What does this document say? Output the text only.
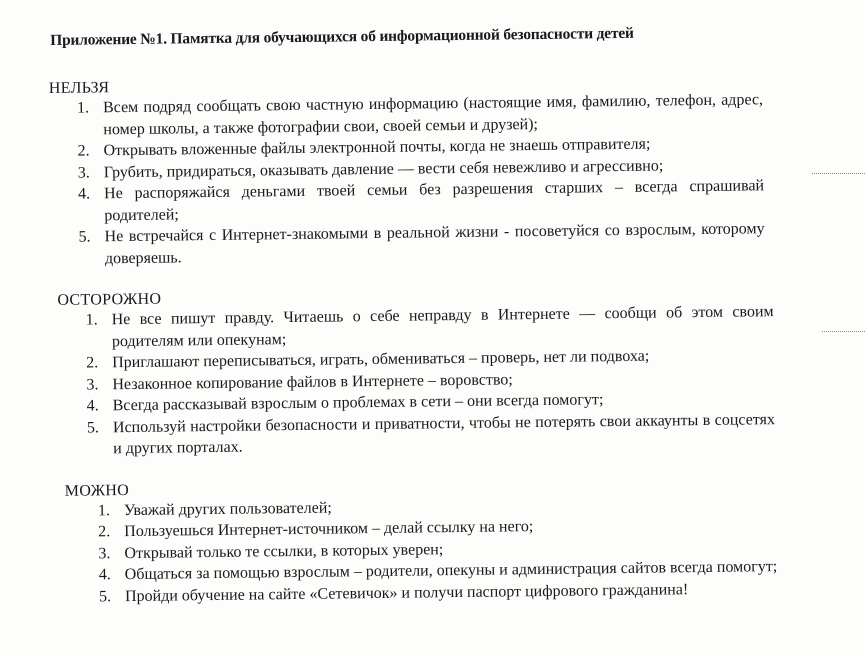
Приложение №1. Памятка для обучающихся об информационной безопасности детей
НЕЛЬЗЯ
1. Всем подряд сообщать свою частную информацию (настоящие имя, фамилию, телефон, адрес, номер школы, а также фотографии свои, своей семьи и друзей);
2. Открывать вложенные файлы электронной почты, когда не знаешь отправителя;
3. Грубить, придираться, оказывать давление — вести себя невежливо и агрессивно;
4. Не распоряжайся деньгами твоей семьи без разрешения старших – всегда спрашивай родителей;
5. Не встречайся с Интернет-знакомыми в реальной жизни - посоветуйся со взрослым, которому доверяешь.
ОСТОРОЖНО
1. Не все пишут правду. Читаешь о себе неправду в Интернете — сообщи об этом своим родителям или опекунам;
2. Приглашают переписываться, играть, обмениваться – проверь, нет ли подвоха;
3. Незаконное копирование файлов в Интернете – воровство;
4. Всегда рассказывай взрослым о проблемах в сети – они всегда помогут;
5. Используй настройки безопасности и приватности, чтобы не потерять свои аккаунты в соцсетях и других порталах.
МОЖНО
1. Уважай других пользователей;
2. Пользуешься Интернет-источником – делай ссылку на него;
3. Открывай только те ссылки, в которых уверен;
4. Общаться за помощью взрослым – родители, опекуны и администрация сайтов всегда помогут;
5. Пройди обучение на сайте «Сетевичок» и получи паспорт цифрового гражданина!
